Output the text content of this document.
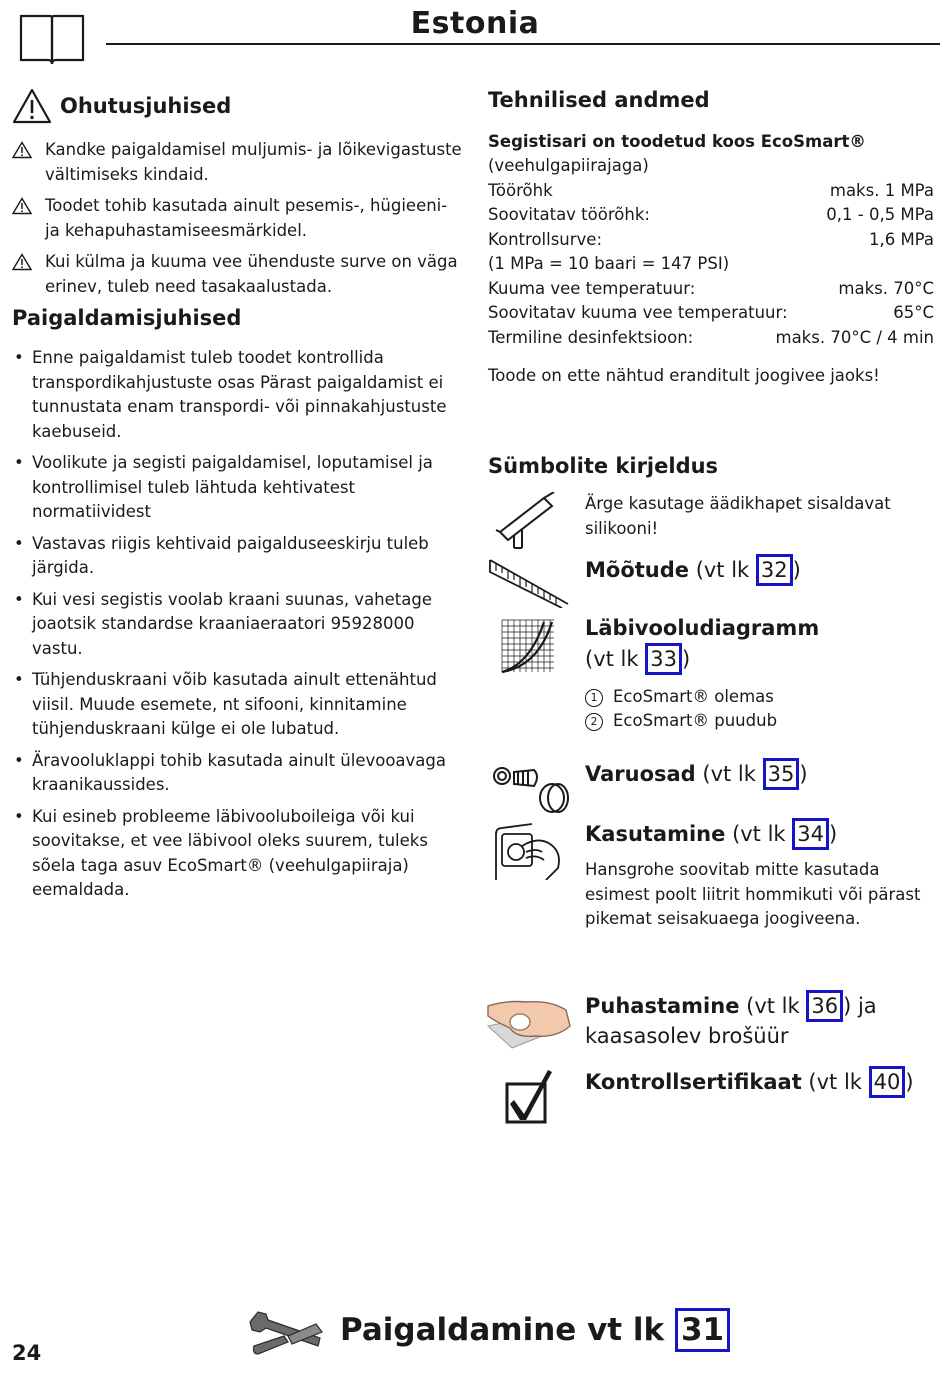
Estonia
Ohutusjuhised
Kandke paigaldamisel muljumis- ja lõikevigastuste vältimiseks kindaid.
Toodet tohib kasutada ainult pesemis-, hügieeni- ja kehapuhastamiseesmärkidel.
Kui külma ja kuuma vee ühenduste surve on väga erinev, tuleb need tasakaalustada.
Paigaldamisjuhised
• Enne paigaldamist tuleb toodet kontrollida transpordikahjustuste osas Pärast paigaldamist ei tunnustata enam transpordi- või pinnakahjustuste kaebuseid.
• Voolikute ja segisti paigaldamisel, loputamisel ja kontrollimisel tuleb lähtuda kehtivatest normatiividest
• Vastavas riigis kehtivaid paigalduseeskirju tuleb järgida.
• Kui vesi segistis voolab kraani suunas, vahetage joaotsik standardse kraaniaeraatori 95928000 vastu.
• Tühjenduskraani võib kasutada ainult ettenähtud viisil. Muude esemete, nt sifooni, kinnitamine tühjenduskraani külge ei ole lubatud.
• Äravooluklappi tohib kasutada ainult ülevooavaga kraanikaussides.
• Kui esineb probleeme läbivooluboileiga või kui soovitakse, et vee läbivool oleks suurem, tuleks sõela taga asuv EcoSmart® (veehulgapiiraja) eemaldada.
Tehnilised andmed
Segistisari on toodetud koos EcoSmart®
(veehulgapiirajaga)
Töörõhk	maks. 1 MPa
Soovitatav töörõhk:	0,1 - 0,5 MPa
Kontrollsurve:	1,6 MPa
(1 MPa = 10 baari = 147 PSI)
Kuuma vee temperatuur:	maks. 70°C
Soovitatav kuuma vee temperatuur:	65°C
Termiline desinfektsioon:	maks. 70°C / 4 min
Toode on ette nähtud eranditult joogivee jaoks!
Sümbolite kirjeldus
Ärge kasutage äädikhapet sisaldavat silikooni!
Mõõtude (vt lk 32 )
Läbivooludiagramm
(vt lk 33 )
1 EcoSmart® olemas
2 EcoSmart® puudub
Varuosad (vt lk 35 )
Kasutamine (vt lk 34 )
Hansgrohe soovitab mitte kasutada esimest poolt liitrit hommikuti või pärast pikemat seisakuaega joogiveena.
Puhastamine (vt lk 36 ) ja kaasasolev brošüür
Kontrollsertifikaat (vt lk 40 )
24
Paigaldamine vt lk 31
